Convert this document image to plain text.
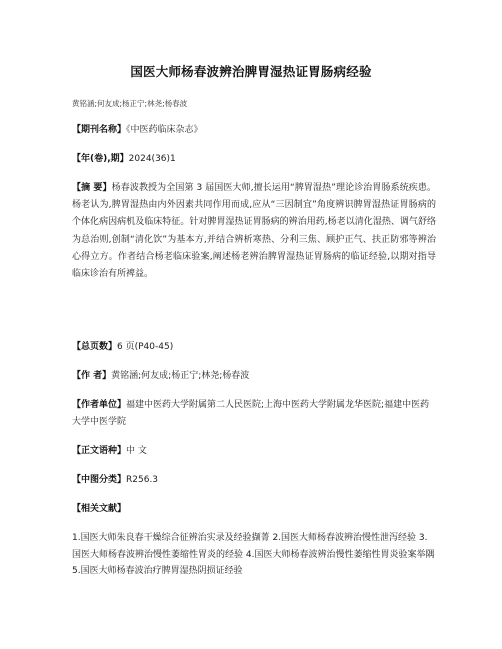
国医大师杨春波辨治脾胃湿热证胃肠病经验
黄铭涵;何友成;杨正宁;林尧;杨春波
【期刊名称】《中医药临床杂志》
【年(卷),期】2024(36)1
【摘 要】杨春波教授为全国第 3 届国医大师,擅长运用“脾胃湿热”理论诊治胃肠系统疾患。杨老认为,脾胃湿热由内外因素共同作用而成,应从“三因制宜”角度辨识脾胃湿热证胃肠病的个体化病因病机及临床特征。针对脾胃湿热证胃肠病的辨治用药,杨老以清化湿热、调气舒络为总治则,创制“清化饮”为基本方,并结合辨析寒热、分利三焦、顾护正气、扶正防邪等辨治心得立方。作者结合杨老临床验案,阐述杨老辨治脾胃湿热证胃肠病的临证经验,以期对指导临床诊治有所裨益。
【总页数】6 页(P40-45)
【作 者】黄铭涵;何友成;杨正宁;林尧;杨春波
【作者单位】福建中医药大学附属第二人民医院;上海中医药大学附属龙华医院;福建中医药大学中医学院
【正文语种】中 文
【中图分类】R256.3
【相关文献】
1.国医大师朱良春干燥综合征辨治实录及经验撷菁 2.国医大师杨春波辨治慢性泄泻经验 3.国医大师杨春波辨治慢性萎缩性胃炎的经验 4.国医大师杨春波辨治慢性萎缩性胃炎验案举隅 5.国医大师杨春波治疗脾胃湿热阴损证经验
